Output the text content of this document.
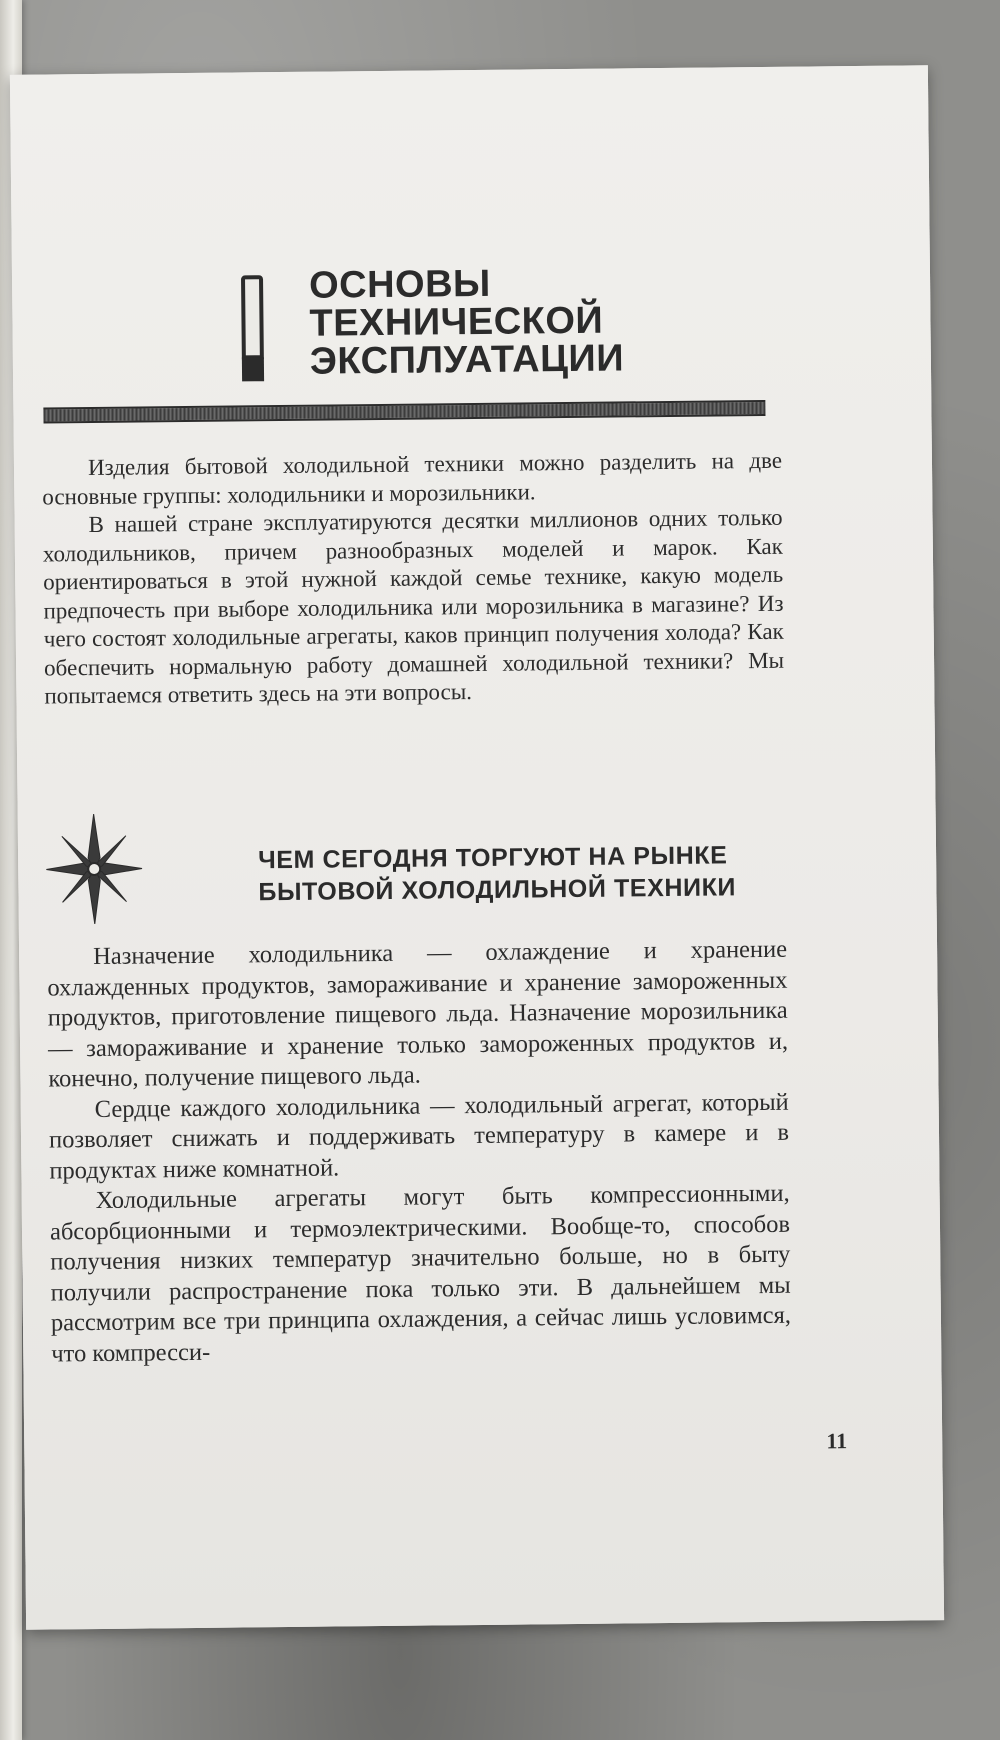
ОСНОВЫ
ТЕХНИЧЕСКОЙ
ЭКСПЛУАТАЦИИ

Изделия бытовой холодильной техники можно разделить на две основные группы: холодильники и морозильники.

В нашей стране эксплуатируются десятки миллионов одних только холодильников, причем разнообразных моделей и марок. Как ориентироваться в этой нужной каждой семье технике, какую модель предпочесть при выборе холодильника или морозильника в магазине? Из чего состоят холодильные агрегаты, каков принцип получения холода? Как обеспечить нормальную работу домашней холодильной техники? Мы попытаемся ответить здесь на эти вопросы.

ЧЕМ СЕГОДНЯ ТОРГУЮТ НА РЫНКЕ
БЫТОВОЙ ХОЛОДИЛЬНОЙ ТЕХНИКИ

Назначение холодильника — охлаждение и хранение охлажденных продуктов, замораживание и хранение замороженных продуктов, приготовление пищевого льда. Назначение морозильника — замораживание и хранение только замороженных продуктов и, конечно, получение пищевого льда.

Сердце каждого холодильника — холодильный агрегат, который позволяет снижать и поддерживать температуру в камере и в продуктах ниже комнатной.

Холодильные агрегаты могут быть компрессионными, абсорбционными и термоэлектрическими. Вообще-то, способов получения низких температур значительно больше, но в быту получили распространение пока только эти. В дальнейшем мы рассмотрим все три принципа охлаждения, а сейчас лишь условимся, что компресси-

11
